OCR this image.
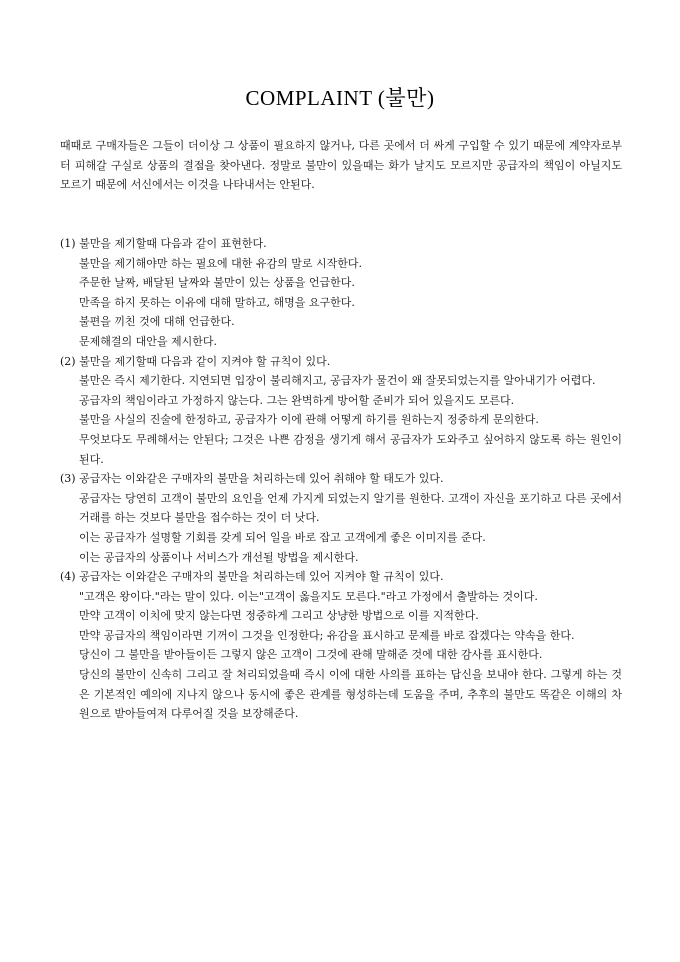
COMPLAINT (불만)

때때로 구매자들은 그들이 더이상 그 상품이 필요하지 않거나, 다른 곳에서 더 싸게 구입할 수 있기 때문에 계약자로부터 피해갈 구실로 상품의 결점을 찾아낸다. 정말로 불만이 있을때는 화가 날지도 모르지만 공급자의 책임이 아닐지도 모르기 때문에 서신에서는 이것을 나타내서는 안된다.

(1) 불만을 제기할때 다음과 같이 표현한다.

불만을 제기해야만 하는 필요에 대한 유감의 말로 시작한다.

주문한 날짜, 배달된 날짜와 불만이 있는 상품을 언급한다.

만족을 하지 못하는 이유에 대해 말하고, 해명을 요구한다.

불편을 끼친 것에 대해 언급한다.

문제해결의 대안을 제시한다.

(2) 불만을 제기할때 다음과 같이 지켜야 할 규칙이 있다.

불만은 즉시 제기한다. 지연되면 입장이 불리해지고, 공급자가 물건이 왜 잘못되었는지를 알아내기가 어렵다.

공급자의 책임이라고 가정하지 않는다. 그는 완벽하게 방어할 준비가 되어 있을지도 모른다.

불만을 사실의 진술에 한정하고, 공급자가 이에 관해 어떻게 하기를 원하는지 정중하게 문의한다.

무엇보다도 무례해서는 안된다; 그것은 나쁜 감정을 생기게 해서 공급자가 도와주고 싶어하지 않도록 하는 원인이 된다.

(3) 공급자는 이와같은 구매자의 불만을 처리하는데 있어 취해야 할 태도가 있다.

공급자는 당연히 고객이 불만의 요인을 언제 가지게 되었는지 알기를 원한다. 고객이 자신을 포기하고 다른 곳에서 거래를 하는 것보다 불만을 접수하는 것이 더 낫다.

이는 공급자가 설명할 기회를 갖게 되어 일을 바로 잡고 고객에게 좋은 이미지를 준다.

이는 공급자의 상품이나 서비스가 개선될 방법을 제시한다.

(4) 공급자는 이와같은 구매자의 불만을 처리하는데 있어 지켜야 할 규칙이 있다.

"고객은 왕이다."라는 말이 있다. 이는"고객이 옳을지도 모른다."라고 가정에서 출발하는 것이다.

만약 고객이 이치에 맞지 않는다면 정중하게 그리고 상냥한 방법으로 이를 지적한다.

만약 공급자의 책임이라면 기꺼이 그것을 인정한다; 유감을 표시하고 문제를 바로 잡겠다는 약속을 한다.

당신이 그 불만을 받아들이든 그렇지 않은 고객이 그것에 관해 말해준 것에 대한 감사를 표시한다.

당신의 불만이 신속히 그리고 잘 처리되었을때 즉시 이에 대한 사의를 표하는 답신을 보내야 한다. 그렇게 하는 것은 기본적인 예의에 지나지 않으나 동시에 좋은 관계를 형성하는데 도움을 주며, 추후의 불만도 똑같은 이해의 차원으로 받아들여져 다루어질 것을 보장해준다.
